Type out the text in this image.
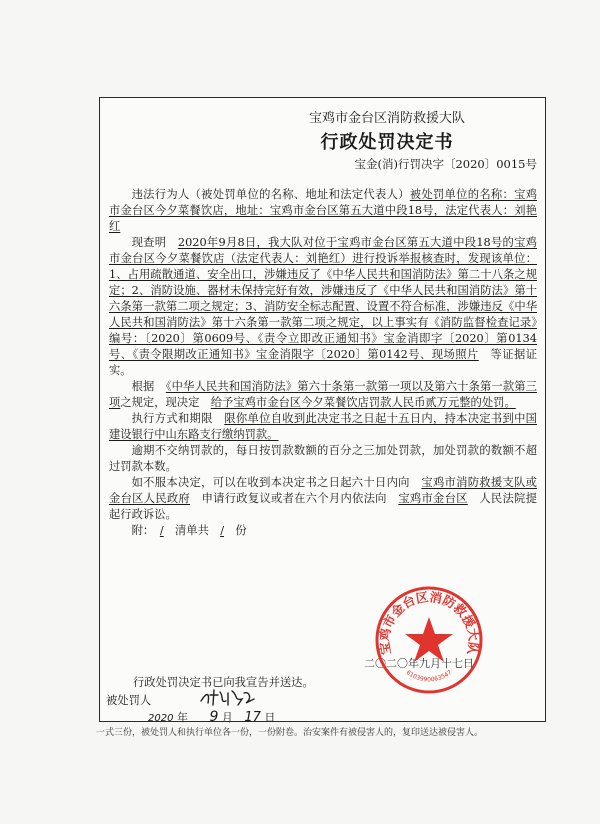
宝鸡市金台区消防救援大队
行政处罚决定书
宝金(消)行罚决字〔2020〕0015号

违法行为人（被处罚单位的名称、地址和法定代表人）被处罚单位的名称：宝鸡市金台区今夕菜餐饮店，地址：宝鸡市金台区第五大道中段18号，法定代表人：刘艳红

现查明　 2020年9月8日，我大队对位于宝鸡市金台区第五大道中段18号的宝鸡市金台区今夕菜餐饮店（法定代表人：刘艳红）进行投诉举报核查时，发现该单位：1、占用疏散通道、安全出口，涉嫌违反了《中华人民共和国消防法》第二十八条之规定；2、消防设施、器材未保持完好有效，涉嫌违反了《中华人民共和国消防法》第十六条第一款第二项之规定；3、消防安全标志配置、设置不符合标准，涉嫌违反《中华人民共和国消防法》第十六条第一款第二项之规定，以上事实有《消防监督检查记录》编号：〔2020〕第0609号、《责令立即改正通知书》宝金消即字〔2020〕第0134号、《责令限期改正通知书》宝金消限字〔2020〕第0142号、现场照片　 等证据证实。

根据　 《中华人民共和国消防法》第六十条第一款第一项以及第六十条第一款第三项之规定，现决定　 给予宝鸡市金台区今夕菜餐饮店罚款人民币贰万元整的处罚。

执行方式和期限　 限你单位自收到此决定书之日起十五日内，持本决定书到中国建设银行中山东路支行缴纳罚款。

逾期不交纳罚款的，每日按罚款数额的百分之三加处罚款，加处罚款的数额不超过罚款本数。

如不服本决定，可以在收到本决定书之日起六十日内向　 宝鸡市消防救援支队或金台区人民政府　 申请行政复议或者在六个月内依法向　 宝鸡市金台区　 人民法院提起行政诉讼。

附：　 /　 清单共　 /　 份

二〇二〇年九月十七日
宝鸡市金台区消防救援大队
6103990063547
行政处罚决定书已向我宣告并送达。
被处罚人
2020 年 9 月 17 日
一式三份，被处罚人和执行单位各一份，一份附卷。治安案件有被侵害人的，复印送达被侵害人。
